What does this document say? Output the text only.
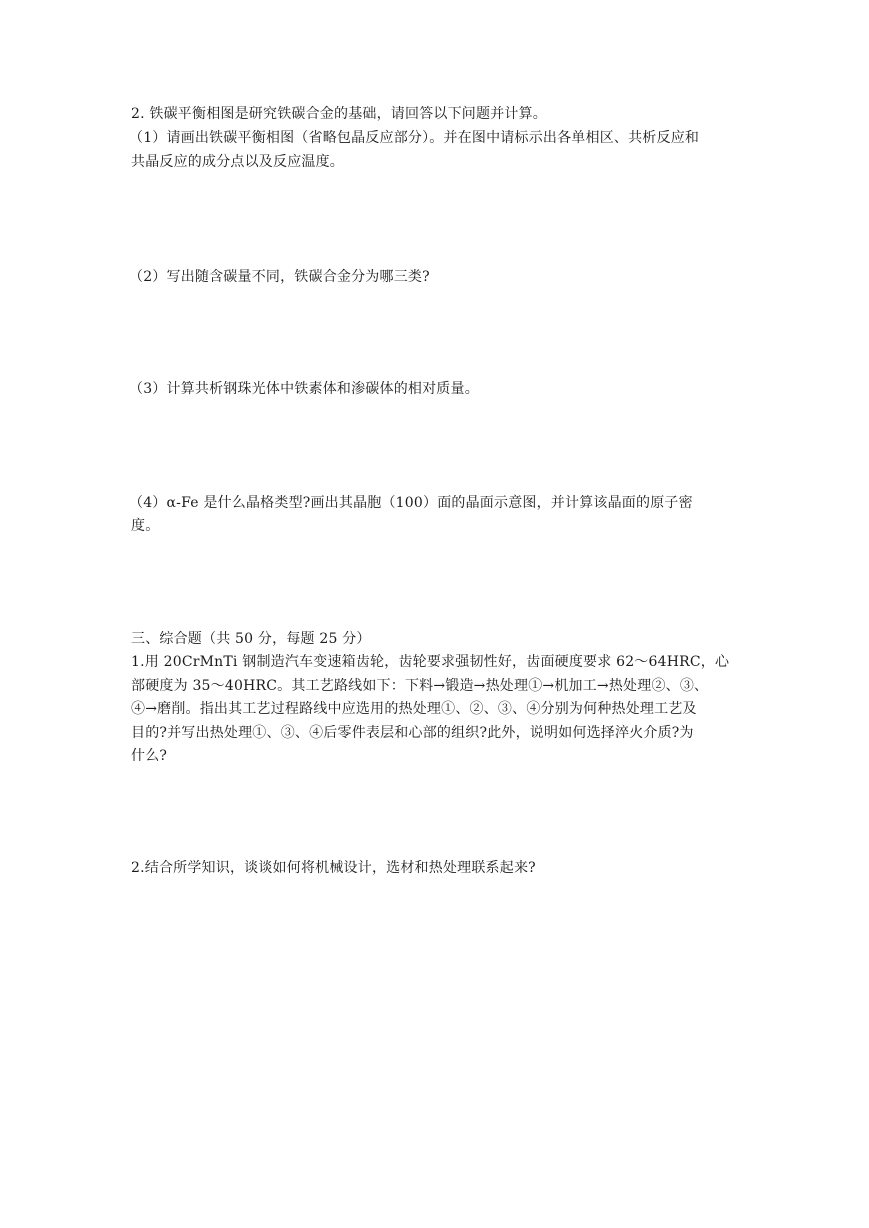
2. 铁碳平衡相图是研究铁碳合金的基础，请回答以下问题并计算。
（1）请画出铁碳平衡相图（省略包晶反应部分）。并在图中请标示出各单相区、共析反应和
共晶反应的成分点以及反应温度。
（2）写出随含碳量不同，铁碳合金分为哪三类?
（3）计算共析钢珠光体中铁素体和渗碳体的相对质量。
（4）α-Fe 是什么晶格类型?画出其晶胞（100）面的晶面示意图，并计算该晶面的原子密
度。
三、综合题（共 50 分，每题 25 分）
1.用 20CrMnTi 钢制造汽车变速箱齿轮，齿轮要求强韧性好，齿面硬度要求 62～64HRC，心
部硬度为 35～40HRC。其工艺路线如下：下料→锻造→热处理①→机加工→热处理②、③、
④→磨削。指出其工艺过程路线中应选用的热处理①、②、③、④分别为何种热处理工艺及
目的?并写出热处理①、③、④后零件表层和心部的组织?此外，说明如何选择淬火介质?为
什么?
2.结合所学知识，谈谈如何将机械设计，选材和热处理联系起来?
